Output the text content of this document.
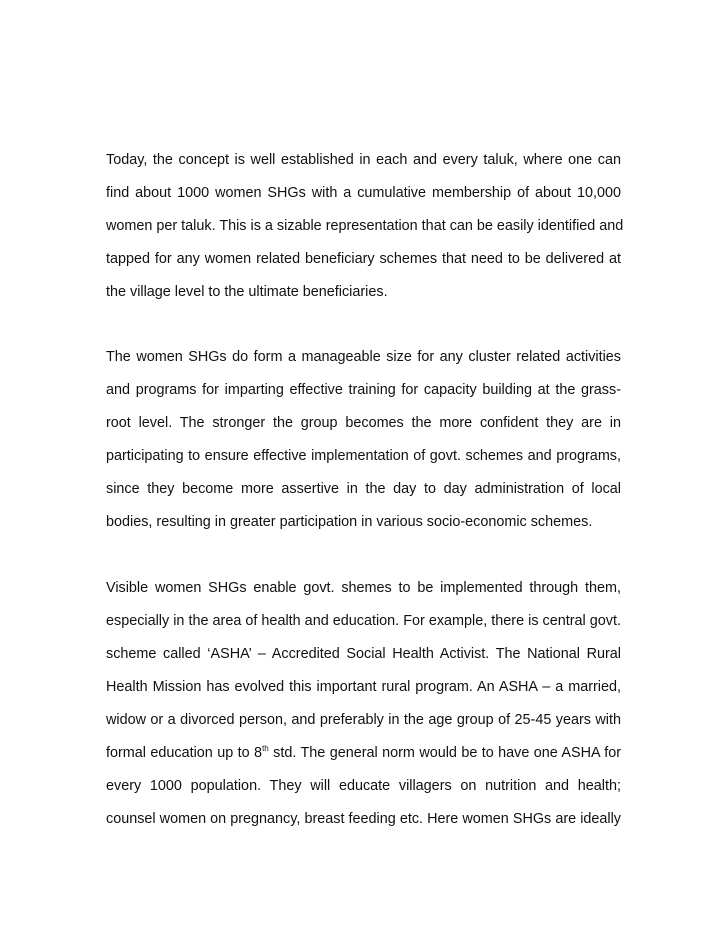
Today, the concept is well established in each and every taluk, where one can
find about 1000 women SHGs with a cumulative membership of about 10,000
women per taluk. This is a sizable representation that can be easily identified and
tapped for any women related beneficiary schemes that need to be delivered at
the village level to the ultimate beneficiaries.
The women SHGs do form a manageable size for any cluster related activities
and programs for imparting effective training for capacity building at the grass-
root level. The stronger the group becomes the more confident they are in
participating to ensure effective implementation of govt. schemes and programs,
since they become more assertive in the day to day administration of local
bodies, resulting in greater participation in various socio-economic schemes.
Visible women SHGs enable govt. shemes to be implemented through them,
especially in the area of health and education. For example, there is central govt.
scheme called ‘ASHA’ – Accredited Social Health Activist. The National Rural
Health Mission has evolved this important rural program. An ASHA – a married,
widow or a divorced person, and preferably in the age group of 25-45 years with
formal education up to 8th std. The general norm would be to have one ASHA for
every 1000 population. They will educate villagers on nutrition and health;
counsel women on pregnancy, breast feeding etc. Here women SHGs are ideally
